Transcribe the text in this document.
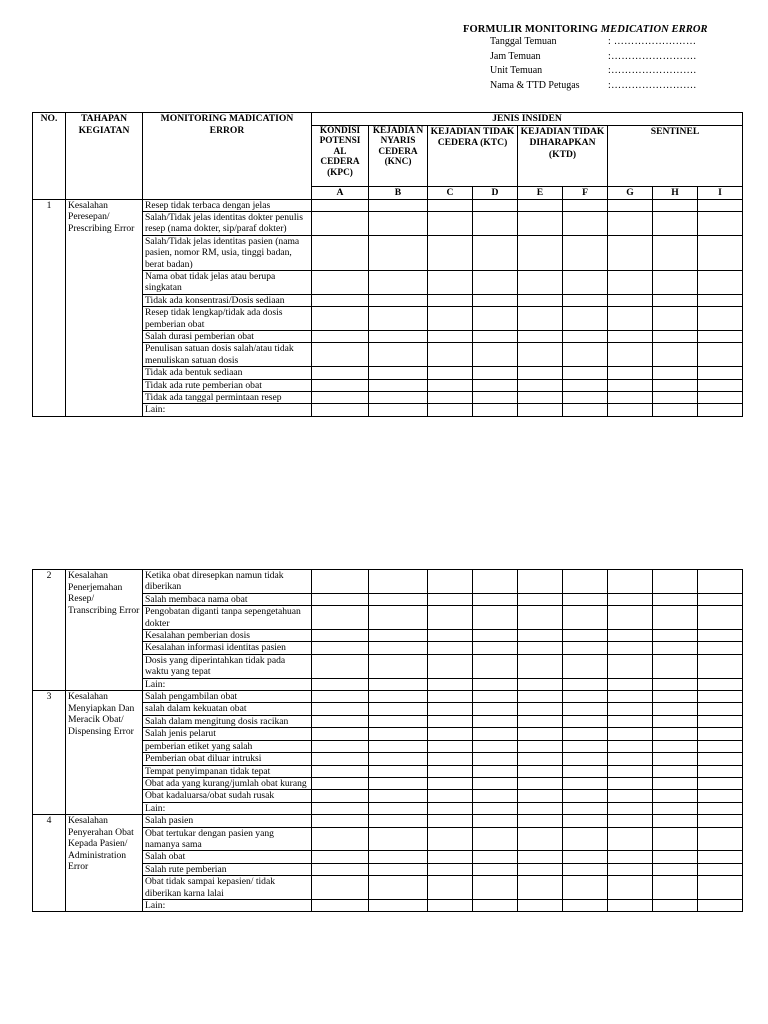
FORMULIR MONITORING MEDICATION ERROR
Tanggal Temuan	: ……………………
Jam Temuan	:…………………….
Unit Temuan	:…………………….
Nama & TTD Petugas	:…………………….
NO.	TAHAPAN KEGIATAN	MONITORING MADICATION ERROR	JENIS INSIDEN								
			KONDISI POTENSI AL CEDERA (KPC)	KEJADIA N NYARIS CEDERA (KNC)	KEJADIAN TIDAK CEDERA (KTC)		KEJADIAN TIDAK DIHARAPKAN (KTD)		SENTINEL		
			A	B	C	D	E	F	G	H	I
1	Kesalahan Peresepan/ Prescribing Error	Resep tidak terbaca dengan jelas									
		Salah/Tidak jelas identitas dokter penulis resep (nama dokter, sip/paraf dokter)									
		Salah/Tidak jelas identitas pasien (nama pasien, nomor RM, usia, tinggi badan, berat badan)									
		Nama obat tidak jelas atau berupa singkatan									
		Tidak ada konsentrasi/Dosis sediaan									
		Resep tidak lengkap/tidak ada dosis pemberian obat									
		Salah durasi pemberian obat									
		Penulisan satuan dosis salah/atau tidak menuliskan satuan dosis									
		Tidak ada bentuk sediaan									
		Tidak ada rute pemberian obat									
		Tidak ada tanggal permintaan resep									
		Lain:									
2	Kesalahan Penerjemahan Resep/ Transcribing Error	Ketika obat diresepkan namun tidak diberikan									
		Salah membaca nama obat									
		Pengobatan diganti tanpa sepengetahuan dokter									
		Kesalahan pemberian dosis									
		Kesalahan informasi identitas pasien									
		Dosis yang diperintahkan tidak pada waktu yang tepat									
		Lain:									
3	Kesalahan Menyiapkan Dan Meracik Obat/ Dispensing Error	Salah pengambilan obat									
		salah dalam kekuatan obat									
		Salah dalam mengitung dosis racikan									
		Salah jenis pelarut									
		pemberian etiket yang salah									
		Pemberian obat diluar intruksi									
		Tempat penyimpanan tidak tepat									
		Obat ada yang kurang/jumlah obat kurang									
		Obat kadaluarsa/obat sudah rusak									
		Lain:									
4	Kesalahan Penyerahan Obat Kepada Pasien/ Administration Error	Salah pasien									
		Obat tertukar dengan pasien yang namanya sama									
		Salah obat									
		Salah rute pemberian									
		Obat tidak sampai kepasien/ tidak diberikan karna lalai									
		Lain:									
